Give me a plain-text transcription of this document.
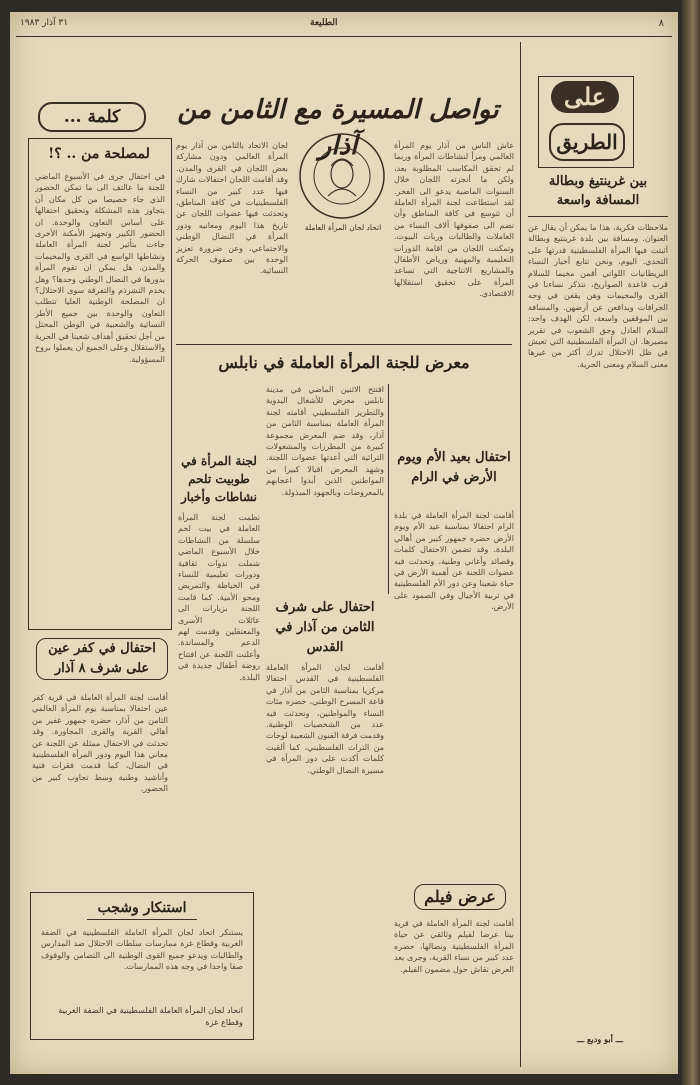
٨
الطليعة
٣١ آذار ١٩٨٣
على
الطريق
بين غرينتيغ وبطالة المسافة واسعة
ملاحظات فكرية، هذا ما يمكن أن يقال عن العنوان. ومسافة بين بلدة غرينتيغ وبطالة أثبتت فيها المرأة الفلسطينية قدرتها على التحدي. اليوم، ونحن نتابع أخبار النساء البريطانيات اللواتي أقمن مخيما للسلام قرب قاعدة الصواريخ، نتذكر نساءنا في القرى والمخيمات وهن يقفن في وجه الجرافات ويدافعن عن أرضهن. والمسافة بين الموقفين واسعة، لكن الهدف واحد: السلام العادل وحق الشعوب في تقرير مصيرها. ان المرأة الفلسطينية التي تعيش في ظل الاحتلال تدرك أكثر من غيرها معنى السلام ومعنى الحرية.
ـــ أبو وديع ـــ
تواصل المسيرة مع الثامن من آذار
اتحاد لجان المرأة العاملة
لجان الاتحاد بالثامن من آذار يوم المرأة العالمي ودون مشاركة بعض اللجان في القرى والمدن. وقد أقامت اللجان احتفالات شارك فيها عدد كبير من النساء الفلسطينيات في كافة المناطق، وتحدثت فيها عضوات اللجان عن تاريخ هذا اليوم ومعانيه ودور المرأة في النضال الوطني والاجتماعي، وعن ضرورة تعزيز الوحدة بين صفوف الحركة النسائية.
عاش الناس من آذار يوم المرأة العالمي ومرأ لنشاطات المرأة وربما لم تحقق المكاسب المطلوبة بعد، ولكن ما أنجزته اللجان خلال السنوات الماضية يدعو الى الفخر. لقد استطاعت لجنة المرأة العاملة أن تتوسع في كافة المناطق وأن تضم الى صفوفها آلاف النساء من العاملات والطالبات وربات البيوت. وتمكنت اللجان من اقامة الدورات التعليمية والمهنية ورياض الأطفال والمشاريع الانتاجية التي تساعد المرأة على تحقيق استقلالها الاقتصادي.
كلمة ...
لمصلحة من .. ؟!
في احتفال جرى في الأسبوع الماضي للجنة ما عالتف الى ما تمكن الحضور الذي جاء خصيصا من كل مكان أن يتجاوز هذه المشكلة وتحقيق احتفالها على أساس التعاون والوحدة. ان الحضور الكبير وتجهيز الأمكنة الأخرى جاءت بتأثير لجنة المرأة العاملة ونشاطها الواسع في القرى والمخيمات والمدن. هل يمكن ان تقوم المرأة بدورها في النضال الوطني وحدها؟ وهل يخدم التشرذم والتفرقة سوى الاحتلال؟ ان المصلحة الوطنية العليا تتطلب التعاون والوحدة بين جميع الأطر النسائية والشعبية في الوطن المحتل من أجل تحقيق أهداف شعبنا في الحرية والاستقلال وعلى الجميع أن يعملوا بروح المسؤولية.	معرض للجنة المرأة العاملة في نابلس
افتتح الاثنين الماضي في مدينة نابلس معرض للأشغال اليدوية والتطريز الفلسطيني أقامته لجنة المرأة العاملة بمناسبة الثامن من آذار، وقد ضم المعرض مجموعة كبيرة من المطرزات والمشغولات التراثية التي أعدتها عضوات اللجنة. وشهد المعرض اقبالا كبيرا من المواطنين الذين أبدوا اعجابهم بالمعروضات وبالجهود المبذولة.
لجنة المرأة في طوبيت تلحم نشاطات وأخبار
نظمت لجنة المرأة العاملة في بيت لحم سلسلة من النشاطات خلال الأسبوع الماضي شملت ندوات ثقافية ودورات تعليمية للنساء في الخياطة والتمريض ومحو الأمية. كما قامت اللجنة بزيارات الى عائلات الأسرى والمعتقلين وقدمت لهم الدعم والمساندة. وأعلنت اللجنة عن افتتاح روضة أطفال جديدة في البلدة.
احتفال بعيد الأم ويوم الأرض في الرام
أقامت لجنة المرأة العاملة في بلدة الرام احتفالا بمناسبة عيد الأم ويوم الأرض حضره جمهور كبير من أهالي البلدة. وقد تضمن الاحتفال كلمات وقصائد وأغاني وطنية، وتحدثت فيه عضوات اللجنة عن أهمية الأرض في حياة شعبنا وعن دور الأم الفلسطينية في تربية الأجيال وفي الصمود على الأرض.
احتفال على شرف الثامن من آذار في القدس
أقامت لجان المرأة العاملة الفلسطينية في القدس احتفالا مركزيا بمناسبة الثامن من آذار في قاعة المسرح الوطني، حضره مئات النساء والمواطنين، وتحدثت فيه عدد من الشخصيات الوطنية. وقدمت فرقة الفنون الشعبية لوحات من التراث الفلسطيني، كما ألقيت كلمات أكدت على دور المرأة في مسيرة النضال الوطني.
احتفال في كفر عين على شرف ٨ آذار
أقامت لجنة المرأة العاملة في قرية كفر عين احتفالا بمناسبة يوم المرأة العالمي الثامن من آذار، حضره جمهور غفير من أهالي القرية والقرى المجاورة. وقد تحدثت في الاحتفال ممثلة عن اللجنة عن معاني هذا اليوم ودور المرأة الفلسطينية في النضال، كما قدمت فقرات فنية وأناشيد وطنية وسط تجاوب كبير من الحضور.
عرض فيلم
أقامت لجنة المرأة العاملة في قرية بيتا عرضا لفيلم وثائقي عن حياة المرأة الفلسطينية ونضالها، حضره عدد كبير من نساء القرية، وجرى بعد العرض نقاش حول مضمون الفيلم.
استنكار وشجب
يستنكر اتحاد لجان المرأة العاملة الفلسطينية في الضفة الغربية وقطاع غزة ممارسات سلطات الاحتلال ضد المدارس والطالبات ويدعو جميع القوى الوطنية الى التضامن والوقوف صفا واحدا في وجه هذه الممارسات.
اتحاد لجان المرأة العاملة الفلسطينية في الضفة الغربية وقطاع غزة
